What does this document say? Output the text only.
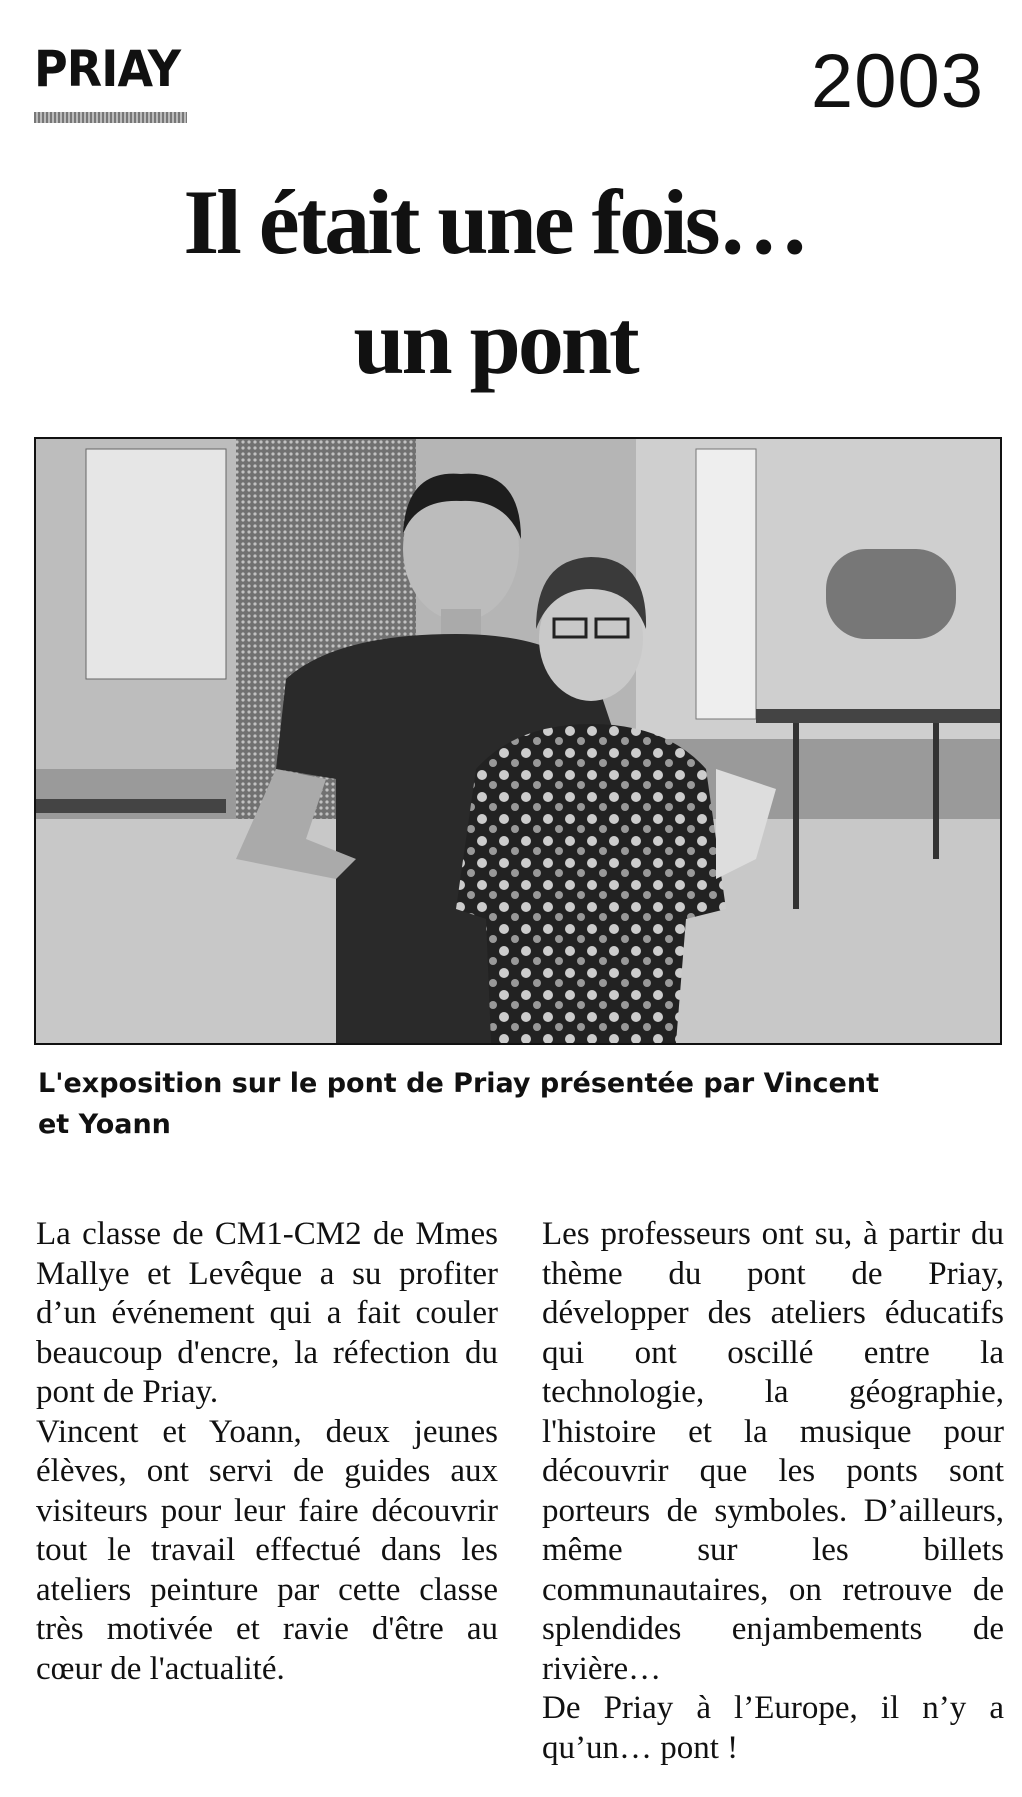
PRIAY	2003
Il était une fois…
un pont
L'exposition sur le pont de Priay présentée par Vincent et Yoann

La classe de CM1-CM2 de Mmes Mallye et Levêque a su profiter d’un événement qui a fait couler beaucoup d'encre, la réfection du pont de Priay.

Vincent et Yoann, deux jeunes élèves, ont servi de guides aux visiteurs pour leur faire découvrir tout le travail effectué dans les ateliers peinture par cette classe très motivée et ravie d'être au cœur de l'actualité.

Les professeurs ont su, à partir du thème du pont de Priay, développer des ateliers éducatifs qui ont oscillé entre la technologie, la géographie, l'histoire et la musique pour découvrir que les ponts sont porteurs de symboles. D’ailleurs, même sur les billets communautaires, on retrouve de splendides enjambements de rivière…

De Priay à l’Europe, il n’y a qu’un… pont !
